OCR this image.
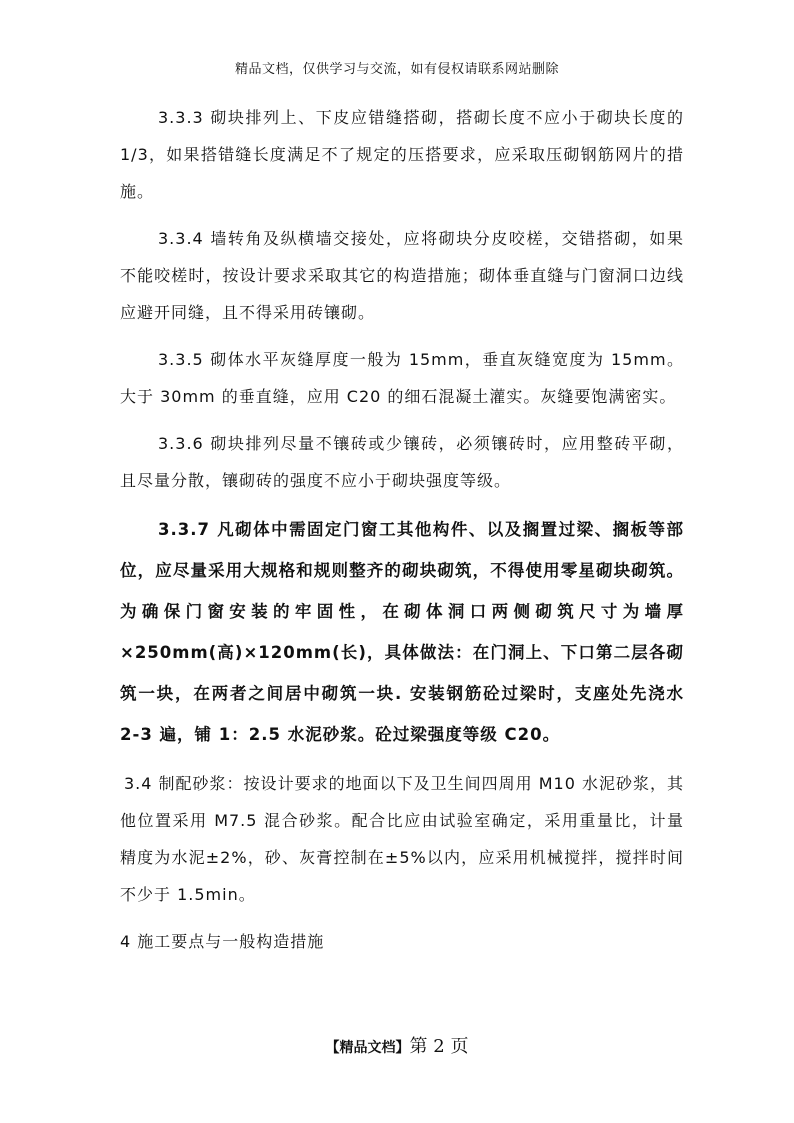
精品文档，仅供学习与交流，如有侵权请联系网站删除

3.3.3 砌块排列上、下皮应错缝搭砌，搭砌长度不应小于砌块长度的 1/3，如果搭错缝长度满足不了规定的压搭要求，应采取压砌钢筋网片的措施。

3.3.4 墙转角及纵横墙交接处，应将砌块分皮咬槎，交错搭砌，如果不能咬槎时，按设计要求采取其它的构造措施；砌体垂直缝与门窗洞口边线应避开同缝，且不得采用砖镶砌。

3.3.5 砌体水平灰缝厚度一般为 15mm，垂直灰缝宽度为 15mm。大于 30mm 的垂直缝，应用 C20 的细石混凝土灌实。灰缝要饱满密实。

3.3.6 砌块排列尽量不镶砖或少镶砖，必须镶砖时，应用整砖平砌，且尽量分散，镶砌砖的强度不应小于砌块强度等级。

3.3.7 凡砌体中需固定门窗工其他构件、以及搁置过梁、搁板等部位，应尽量采用大规格和规则整齐的砌块砌筑，不得使用零星砌块砌筑。为确保门窗安装的牢固性，在砌体洞口两侧砌筑尺寸为墙厚×250mm(高)×120mm(长)，具体做法：在门洞上、下口第二层各砌筑一块，在两者之间居中砌筑一块. 安装钢筋砼过梁时，支座处先浇水 2-3 遍，铺 1：2.5 水泥砂浆。砼过梁强度等级 C20。

3.4 制配砂浆：按设计要求的地面以下及卫生间四周用 M10 水泥砂浆，其他位置采用 M7.5 混合砂浆。配合比应由试验室确定，采用重量比，计量精度为水泥±2%，砂、灰膏控制在±5%以内，应采用机械搅拌，搅拌时间不少于 1.5min。

4 施工要点与一般构造措施

【精品文档】第 2 页
